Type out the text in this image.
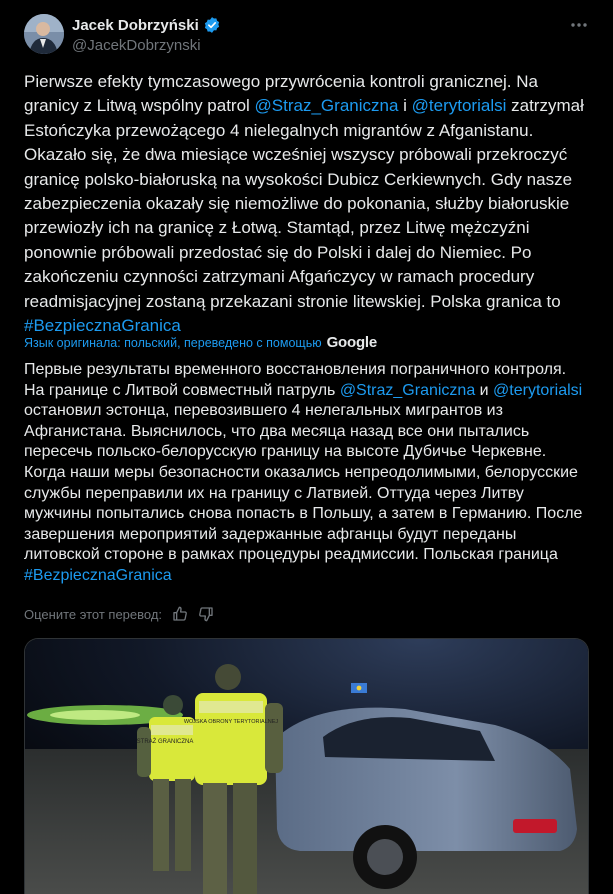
Jacek Dobrzyński
@JacekDobrzynski
Pierwsze efekty tymczasowego przywrócenia kontroli granicznej. Na granicy z Litwą wspólny patrol @Straz_Graniczna i @terytorialsi zatrzymał Estończyka przewożącego 4 nielegalnych migrantów z Afganistanu. Okazało się, że dwa miesiące wcześniej wszyscy próbowali przekroczyć granicę polsko-białoruską na wysokości Dubicz Cerkiewnych. Gdy nasze zabezpieczenia okazały się niemożliwe do pokonania, służby białoruskie przewiozły ich na granicę z Łotwą. Stamtąd, przez Litwę mężczyźni ponownie próbowali przedostać się do Polski i dalej do Niemiec. Po zakończeniu czynności zatrzymani Afgańczycy w ramach procedury readmisjacyjnej zostaną przekazani stronie litewskiej. Polska granica to #BezpiecznaGranica
Язык оригинала: польский, переведено с помощью Google
Первые результаты временного восстановления пограничного контроля. На границе с Литвой совместный патруль @Straz_Graniczna и @terytorialsi остановил эстонца, перевозившего 4 нелегальных мигрантов из Афганистана. Выяснилось, что два месяца назад все они пытались пересечь польско-белорусскую границу на высоте Дубичье Черкевне. Когда наши меры безопасности оказались непреодолимыми, белорусские службы переправили их на границу с Латвией. Оттуда через Литву мужчины попытались снова попасть в Польшу, а затем в Германию. После завершения мероприятий задержанные афганцы будут переданы литовской стороне в рамках процедуры реадмиссии. Польская граница #BezpiecznaGranica
Оцените этот перевод:
STRAŻ GRANICZNA
WOJSKA OBRONY TERYTORIALNEJ
